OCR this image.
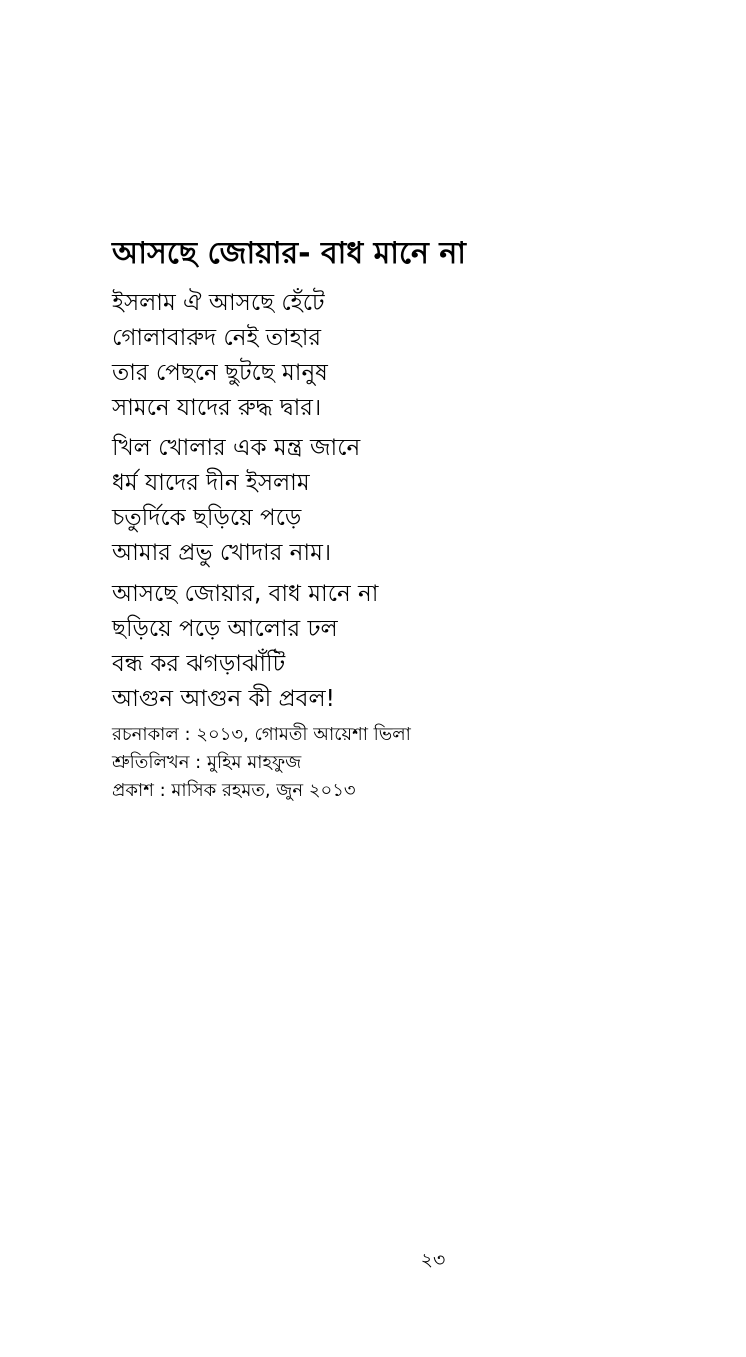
আসছে জোয়ার- বাধ মানে না
ইসলাম ঐ আসছে হেঁটে
গোলাবারুদ নেই তাহার
তার পেছনে ছুটছে মানুষ
সামনে যাদের রুদ্ধ দ্বার।
খিল খোলার এক মন্ত্র জানে
ধর্ম যাদের দীন ইসলাম
চতুর্দিকে ছড়িয়ে পড়ে
আমার প্রভু খোদার নাম।
আসছে জোয়ার, বাধ মানে না
ছড়িয়ে পড়ে আলোর ঢল
বন্ধ কর ঝগড়াঝাঁটি
আগুন আগুন কী প্রবল!
রচনাকাল : ২০১৩, গোমতী আয়েশা ভিলা
শ্রুতিলিখন : মুহিম মাহফুজ
প্রকাশ : মাসিক রহমত, জুন ২০১৩
২৩
